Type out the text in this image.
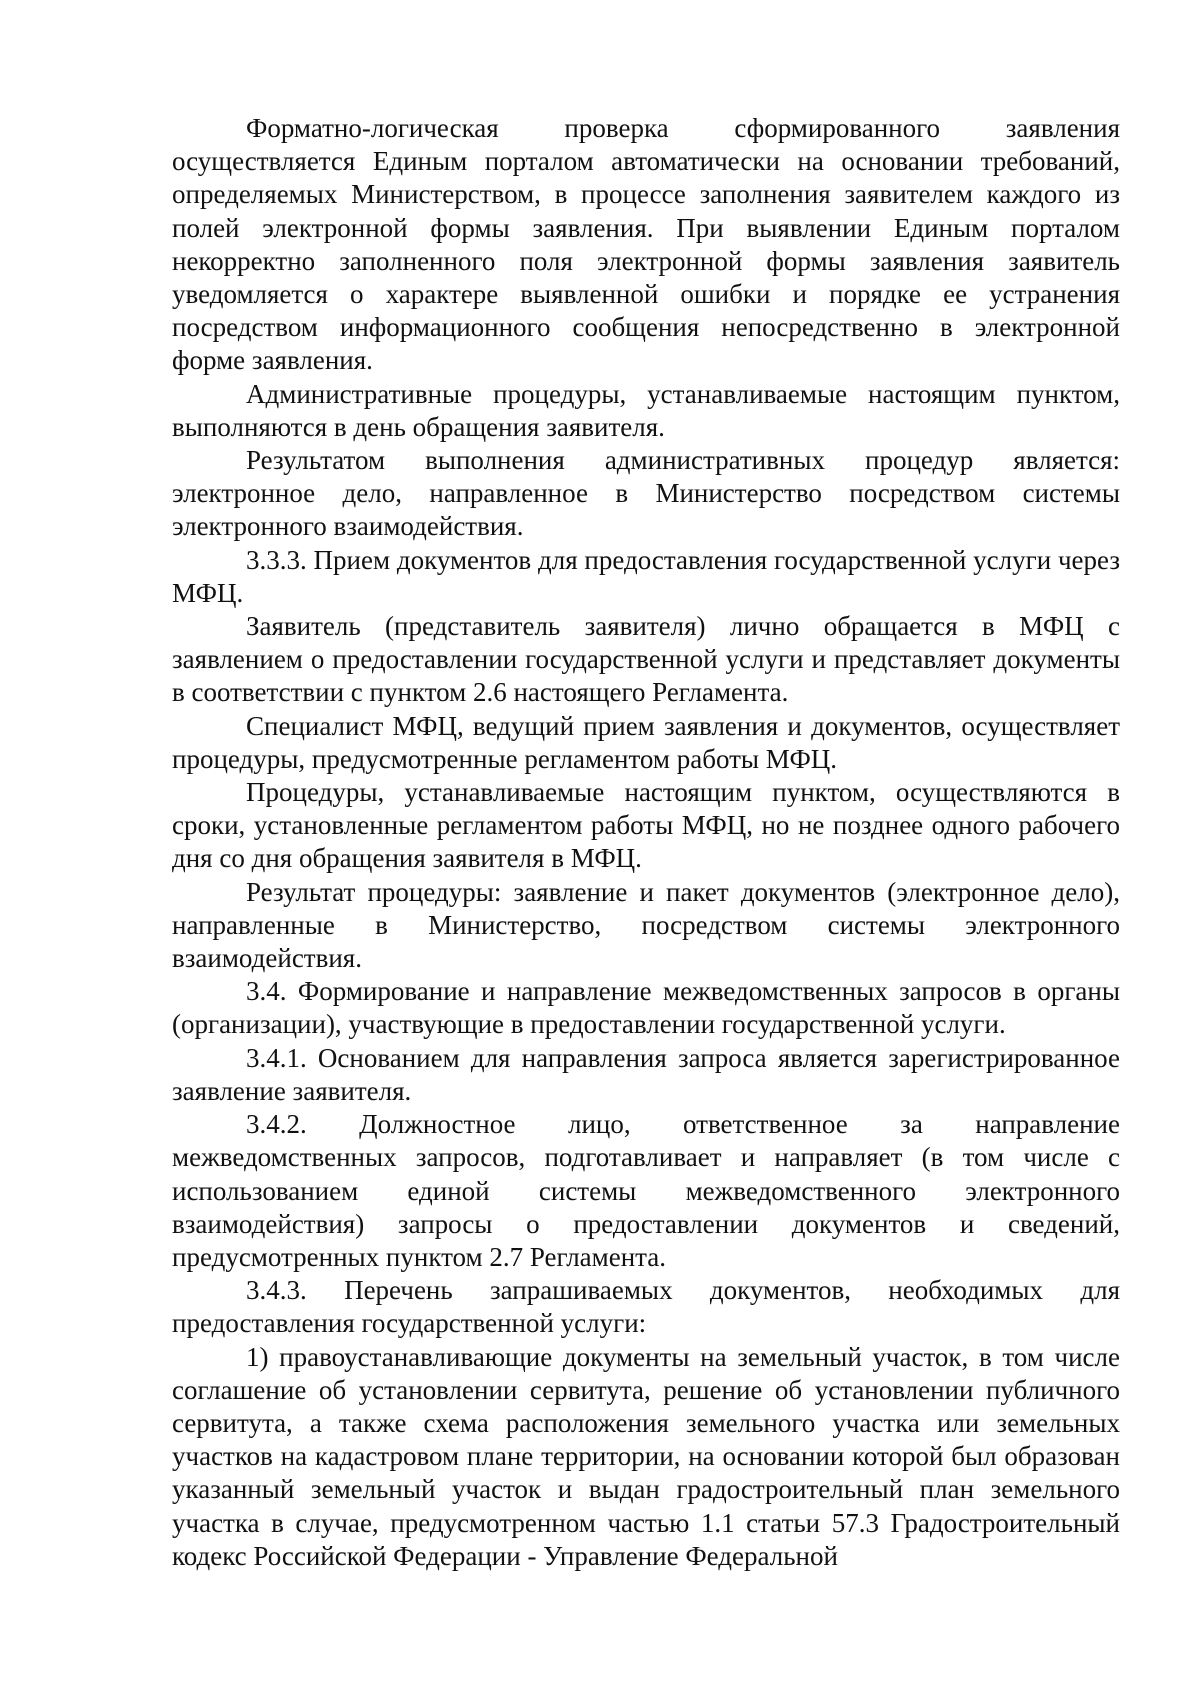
Форматно-логическая проверка сформированного заявления осуществляется Единым порталом автоматически на основании требований, определяемых Министерством, в процессе заполнения заявителем каждого из полей электронной формы заявления. При выявлении Единым порталом некорректно заполненного поля электронной формы заявления заявитель уведомляется о характере выявленной ошибки и порядке ее устранения посредством информационного сообщения непосредственно в электронной форме заявления.

Административные процедуры, устанавливаемые настоящим пунктом, выполняются в день обращения заявителя.

Результатом выполнения административных процедур является: электронное дело, направленное в Министерство посредством системы электронного взаимодействия.

3.3.3. Прием документов для предоставления государственной услуги через МФЦ.

Заявитель (представитель заявителя) лично обращается в МФЦ с заявлением о предоставлении государственной услуги и представляет документы в соответствии с пунктом 2.6 настоящего Регламента.

Специалист МФЦ, ведущий прием заявления и документов, осуществляет процедуры, предусмотренные регламентом работы МФЦ.

Процедуры, устанавливаемые настоящим пунктом, осуществляются в сроки, установленные регламентом работы МФЦ, но не позднее одного рабочего дня со дня обращения заявителя в МФЦ.

Результат процедуры: заявление и пакет документов (электронное дело), направленные в Министерство, посредством системы электронного взаимодействия.

3.4. Формирование и направление межведомственных запросов в органы (организации), участвующие в предоставлении государственной услуги.

3.4.1. Основанием для направления запроса является зарегистрированное заявление заявителя.

3.4.2. Должностное лицо, ответственное за направление межведомственных запросов, подготавливает и направляет (в том числе с использованием единой системы межведомственного электронного взаимодействия) запросы о предоставлении документов и сведений, предусмотренных пунктом 2.7 Регламента.

3.4.3. Перечень запрашиваемых документов, необходимых для предоставления государственной услуги:

1) правоустанавливающие документы на земельный участок, в том числе соглашение об установлении сервитута, решение об установлении публичного сервитута, а также схема расположения земельного участка или земельных участков на кадастровом плане территории, на основании которой был образован указанный земельный участок и выдан градостроительный план земельного участка в случае, предусмотренном частью 1.1 статьи 57.3 Градостроительный кодекс Российской Федерации - Управление Федеральной
